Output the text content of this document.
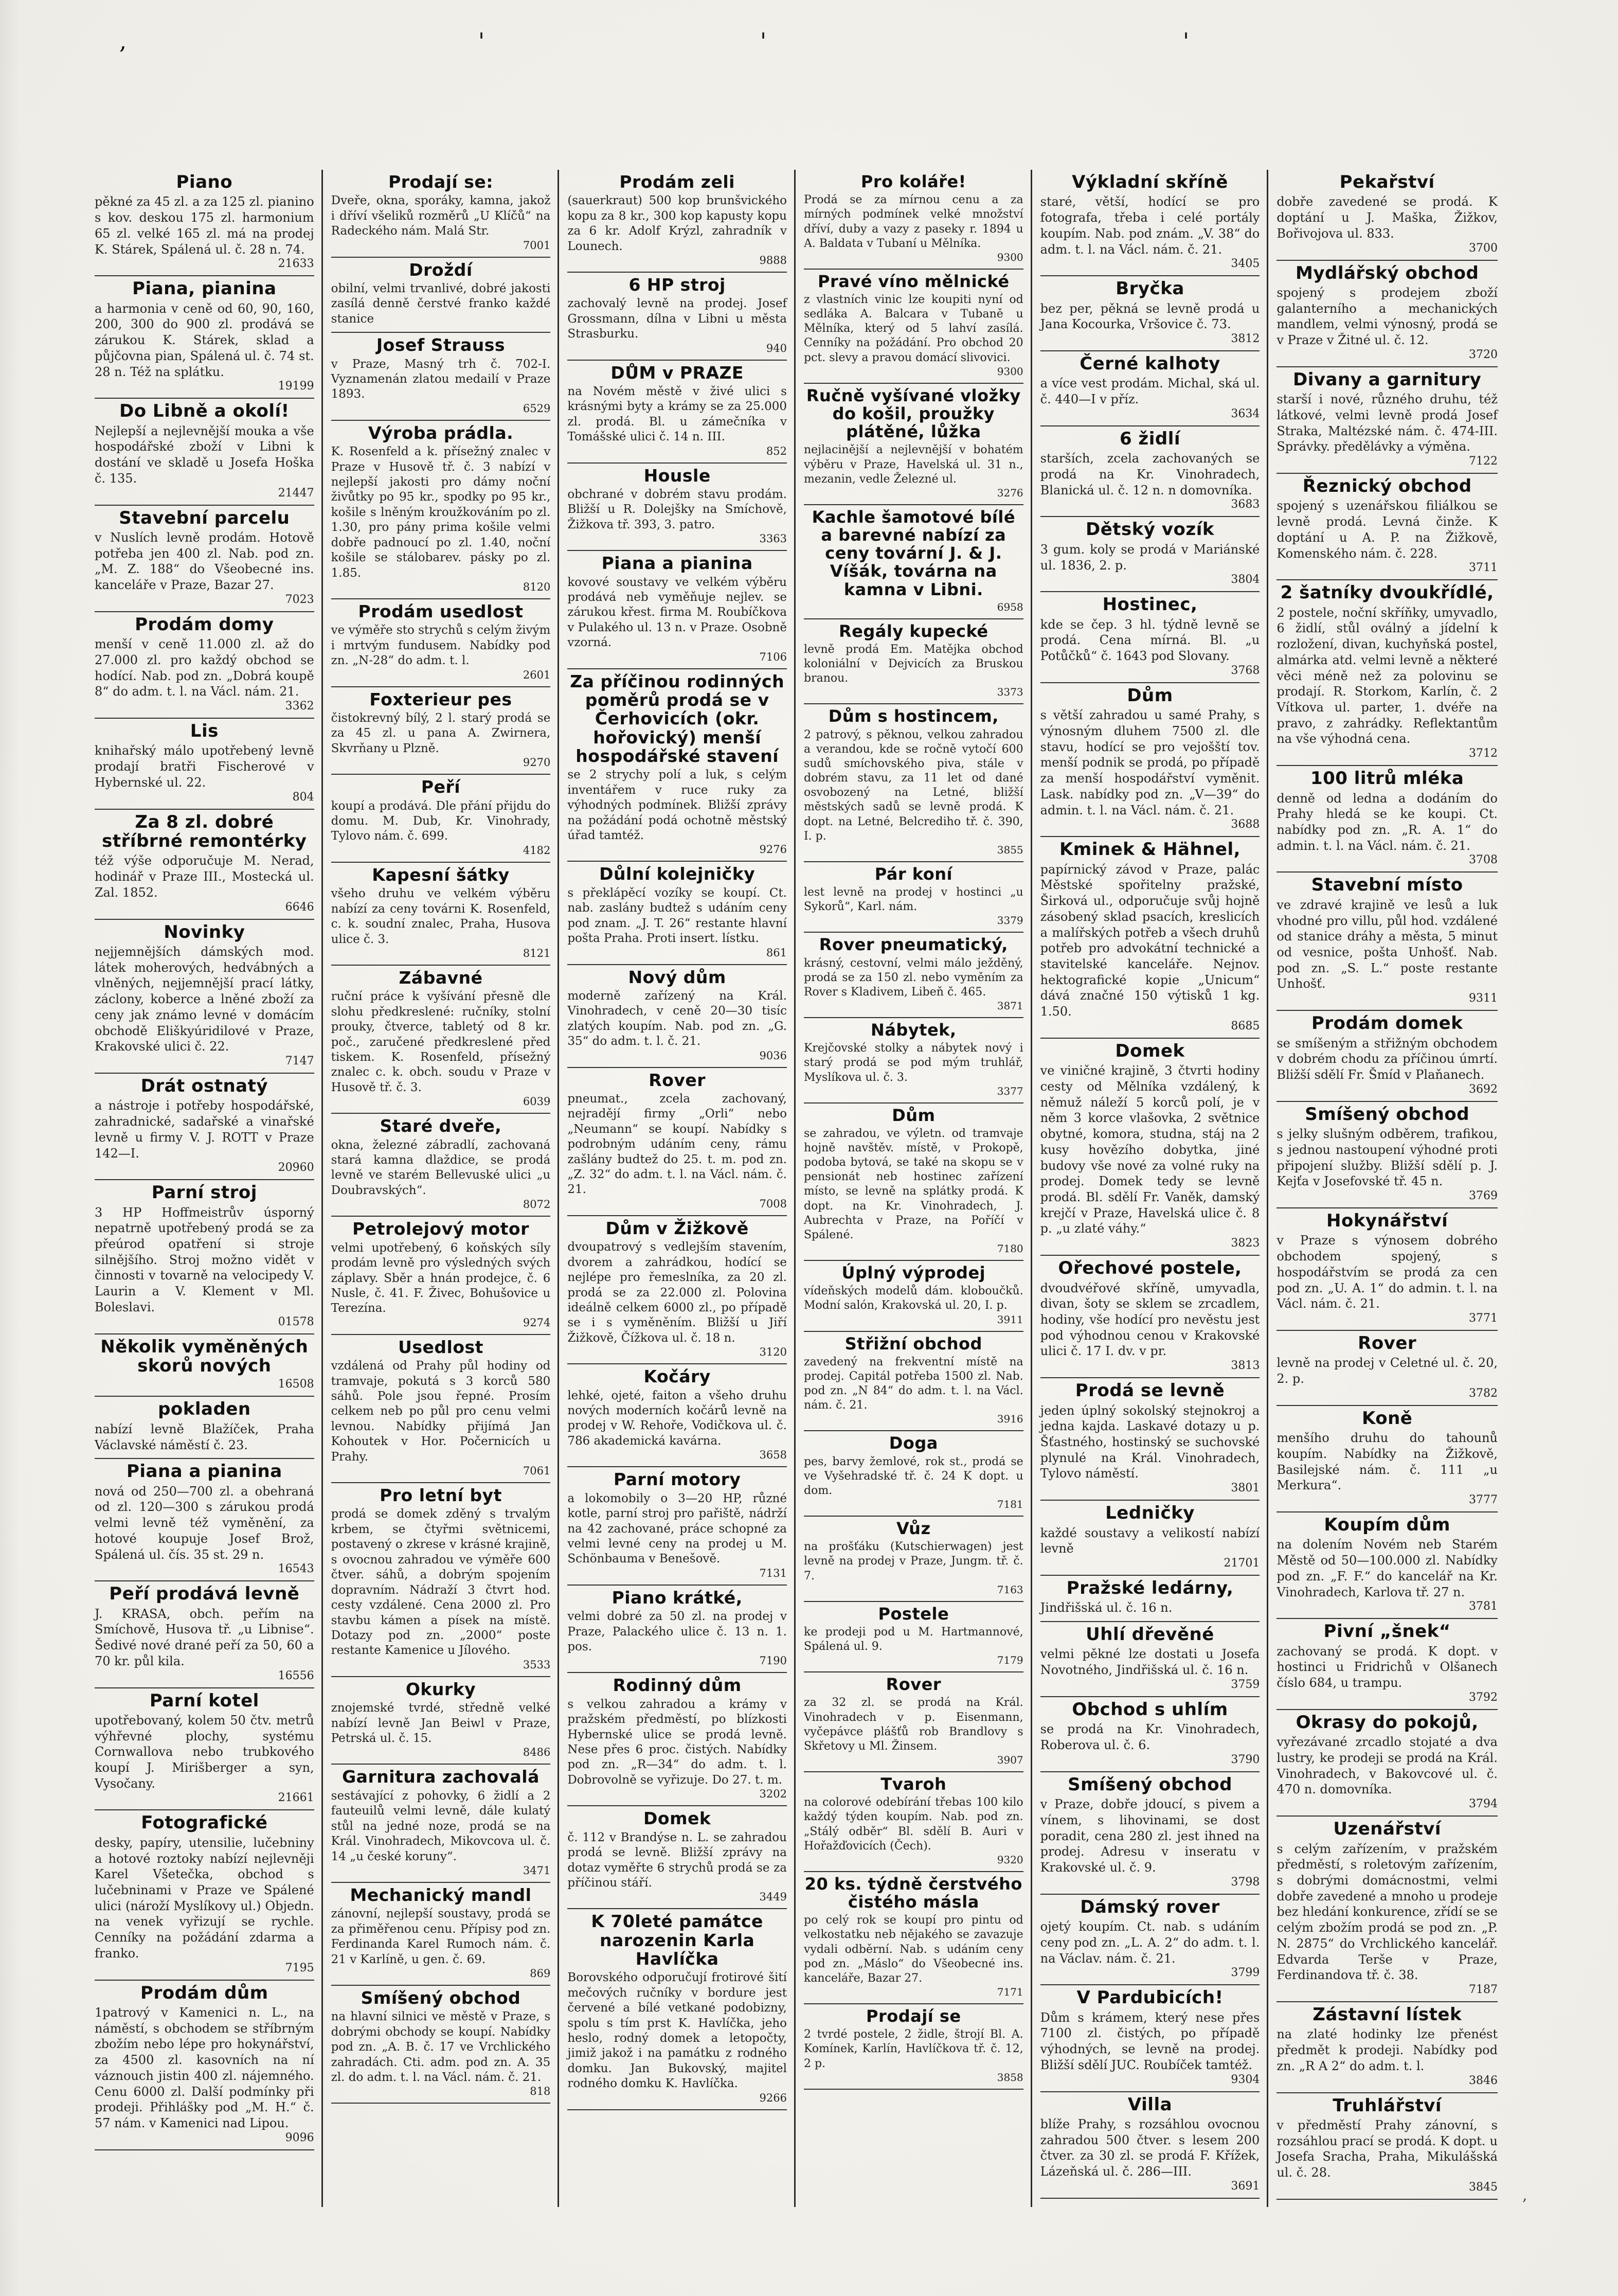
,	'	'	'
Piano

pěkné za 45 zl. a za 125 zl. pianino s kov. deskou 175 zl. harmonium 65 zl. velké 165 zl. má na prodej K. Stárek, Spálená ul. č. 28 n. 74.

21633
Piana, pianina

a harmonia v ceně od 60, 90, 160, 200, 300 do 900 zl. prodává se zárukou K. Stárek, sklad a půjčovna pian, Spálená ul. č. 74 st. 28 n. Též na splátku.

19199
Do Libně a okolí!

Nejlepší a nejlevnější mouka a vše hospodářské zboží v Libni k dostání ve skladě u Josefa Hoška č. 135.

21447
Stavební parcelu

v Nuslích levně prodám. Hotově potřeba jen 400 zl. Nab. pod zn. „M. Z. 188“ do Všeobecné ins. kanceláře v Praze, Bazar 27.

7023
Prodám domy

menší v ceně 11.000 zl. až do 27.000 zl. pro každý obchod se hodící. Nab. pod zn. „Dobrá koupě 8“ do adm. t. l. na Václ. nám. 21.

3362
Lis

knihařský málo upotřebený levně prodají bratři Fischerové v Hybernské ul. 22.

804
Za 8 zl. dobré stříbrné remontérky

též výše odporučuje M. Nerad, hodinář v Praze III., Mostecká ul. Zal. 1852.

6646
Novinky

nejjemnějších dámských mod. látek moherových, hedvábných a vlněných, nejjemnější prací látky, záclony, koberce a lněné zboží za ceny jak známo levné v domácím obchodě Eliškyúridilové v Praze, Krakovské ulici č. 22.

7147
Drát ostnatý

a nástroje i potřeby hospodářské, zahradnické, sadařské a vinařské levně u firmy V. J. ROTT v Praze 142—I.

20960
Parní stroj

3 HP Hoffmeistrův úsporný nepatrně upotřebený prodá se za přeúrod opatření si stroje silnějšího. Stroj možno vidět v činnosti v tovarně na velocipedy V. Laurin a V. Klement v Ml. Boleslavi.

01578
Několik vyměněných skorů nových

16508
pokladen

nabízí levně Blažíček, Praha Václavské náměstí č. 23.

Piana a pianina

nová od 250—700 zl. a obehraná od zl. 120—300 s zárukou prodá velmi levně též vyměnění, za hotové koupuje Josef Brož, Spálená ul. čís. 35 st. 29 n.

16543
Peří prodává levně

J. KRASA, obch. peřím na Smíchově, Husova tř. „u Libnise“. Šedivé nové drané peří za 50, 60 a 70 kr. půl kila.

16556
Parní kotel

upotřebovaný, kolem 50 čtv. metrů výhřevné plochy, systému Cornwallova nebo trubkového koupí J. Mirišberger a syn, Vysočany.

21661
Fotografické

desky, papíry, utensilie, lučebniny a hotové roztoky nabízí nejlevněji Karel Všetečka, obchod s lučebninami v Praze ve Spálené ulici (nároží Myslíkovy ul.) Objedn. na venek vyřizují se rychle. Cenníky na požádání zdarma a franko.

7195
Prodám dům

1patrový v Kamenici n. L., na náměstí, s obchodem se stříbrným zbožím nebo lépe pro hokynářství, za 4500 zl. kasovních na ní váznouch jistin 400 zl. nájemného. Cenu 6000 zl. Další podmínky při prodeji. Přihlášky pod „M. H.“ č. 57 nám. v Kamenici nad Lipou.

9096
Prodají se:

Dveře, okna, sporáky, kamna, jakož i dříví všeliků rozměrů „U Klíčů“ na Radeckého nám. Malá Str.

7001
Droždí

obilní, velmi trvanlivé, dobré jakosti zasílá denně čerstvé franko každé stanice

Josef Strauss

v Praze, Masný trh č. 702-I. Vyznamenán zlatou medailí v Praze 1893.

6529
Výroba prádla.

K. Rosenfeld a k. přísežný znalec v Praze v Husově tř. č. 3 nabízí v nejlepší jakosti pro dámy noční živůtky po 95 kr., spodky po 95 kr., košile s lněným kroužkováním po zl. 1.30, pro pány prima košile velmi dobře padnoucí po zl. 1.40, noční košile se stálobarev. pásky po zl. 1.85.

8120
Prodám usedlost

ve výměře sto strychů s celým živým i mrtvým fundusem. Nabídky pod zn. „N-28“ do adm. t. l.

2601
Foxterieur pes

čistokrevný bílý, 2 l. starý prodá se za 45 zl. u pana A. Zwirnera, Skvrňany u Plzně.

9270
Peří

koupí a prodává. Dle přání přijdu do domu. M. Dub, Kr. Vinohrady, Tylovo nám. č. 699.

4182
Kapesní šátky

všeho druhu ve velkém výběru nabízí za ceny továrni K. Rosenfeld, c. k. soudní znalec, Praha, Husova ulice č. 3.

8121
Zábavné

ruční práce k vyšívání přesně dle slohu předkreslené: ručníky, stolní prouky, čtverce, tabletý od 8 kr. poč., zaručené předkreslené před tiskem. K. Rosenfeld, přísežný znalec c. k. obch. soudu v Praze v Husově tř. č. 3.

6039
Staré dveře,

okna, železné zábradlí, zachovaná stará kamna dlaždice, se prodá levně ve starém Bellevuské ulici „u Doubravských“.

8072
Petrolejový motor

velmi upotřebený, 6 koňských síly prodám levně pro výsledných svých záplavy. Sběr a hnán prodejce, č. 6 Nusle, č. 41. F. Živec, Bohušovice u Terezína.

9274
Usedlost

vzdálená od Prahy půl hodiny od tramvaje, pokutá s 3 korců 580 sáhů. Pole jsou řepné. Prosím celkem neb po půl pro cenu velmi levnou. Nabídky přijímá Jan Kohoutek v Hor. Počernicích u Prahy.

7061
Pro letní byt

prodá se domek zděný s trvalým krbem, se čtyřmi světnicemi, postavený o zkrese v krásné krajině, s ovocnou zahradou ve výměře 600 čtver. sáhů, a dobrým spojením dopravním. Nádraží 3 čtvrt hod. cesty vzdálené. Cena 2000 zl. Pro stavbu kámen a písek na místě. Dotazy pod zn. „2000“ poste restante Kamenice u Jílového.

3533
Okurky

znojemské tvrdé, středně velké nabízí levně Jan Beiwl v Praze, Petrská ul. č. 15.

8486
Garnitura zachovalá

sestávající z pohovky, 6 židlí a 2 fauteuilů velmi levně, dále kulatý stůl na jedné noze, prodá se na Král. Vinohradech, Mikovcova ul. č. 14 „u české koruny“.

3471
Mechanický mandl

zánovní, nejlepší soustavy, prodá se za přiměřenou cenu. Přípisy pod zn. Ferdinanda Karel Rumoch nám. č. 21 v Karlíně, u gen. č. 69.

869
Smíšený obchod

na hlavní silnici ve městě v Praze, s dobrými obchody se koupí. Nabídky pod zn. „A. B. č. 17 ve Vrchlického zahradách. Cti. adm. pod zn. A. 35 zl. do adm. t. l. na Václ. nám. č. 21.

818
Prodám zeli

(sauerkraut) 500 kop brunšvického kopu za 8 kr., 300 kop kapusty kopu za 6 kr. Adolf Krýzl, zahradník v Lounech.

9888
6 HP stroj

zachovalý levně na prodej. Josef Grossmann, dílna v Libni u města Strasburku.

940
DŮM v PRAZE

na Novém městě v živé ulici s krásnými byty a krámy se za 25.000 zl. prodá. Bl. u zámečníka v Tomášské ulici č. 14 n. III.

852
Housle

obchrané v dobrém stavu prodám. Bližší u R. Dolejšky na Smíchově, Žižkova tř. 393, 3. patro.

3363
Piana a pianina

kovové soustavy ve velkém výběru prodává neb vyměňuje nejlev. se zárukou křest. firma M. Roubíčkova v Pulakého ul. 13 n. v Praze. Osobně vzorná.

7106
Za příčinou rodinných poměrů prodá se v Čerhovicích (okr. hořovický) menší hospodářské stavení

se 2 strychy polí a luk, s celým inventářem v ruce ruky za výhodných podmínek. Bližší zprávy na požádání podá ochotně městský úřad tamtéž.

9276
Důlní kolejničky

s překlápěcí vozíky se koupí. Ct. nab. zaslány budtež s udáním ceny pod znam. „J. T. 26“ restante hlavní pošta Praha. Proti insert. lístku.

861
Nový dům

moderně zařízený na Král. Vinohradech, v ceně 20—30 tisíc zlatých koupím. Nab. pod zn. „G. 35“ do adm. t. l. č. 21.

9036
Rover

pneumat., zcela zachovaný, nejradějí firmy „Orli“ nebo „Neumann“ se koupí. Nabídky s podrobným udáním ceny, rámu zašlány budtež do 25. t. m. pod zn. „Z. 32“ do adm. t. l. na Václ. nám. č. 21.

7008
Dům v Žižkově

dvoupatrový s vedlejším stavením, dvorem a zahrádkou, hodící se nejlépe pro řemeslníka, za 20 zl. prodá se za 22.000 zl. Polovina ideálně celkem 6000 zl., po případě se i s vyměněním. Bližší u Jiří Žižkově, Čížkova ul. č. 18 n.

3120
Kočáry

lehké, ojeté, faiton a všeho druhu nových moderních kočárů levně na prodej v W. Rehoře, Vodičkova ul. č. 786 akademická kavárna.

3658
Parní motory

a lokomobily o 3—20 HP, různé kotle, parní stroj pro pařiště, nádrží na 42 zachované, práce schopné za velmi levné ceny na prodej u M. Schönbauma v Benešově.

7131
Piano krátké,

velmi dobré za 50 zl. na prodej v Praze, Palackého ulice č. 13 n. 1. pos.

7190
Rodinný dům

s velkou zahradou a krámy v pražském předměstí, po blízkosti Hybernské ulice se prodá levně. Nese přes 6 proc. čistých. Nabídky pod zn. „R—34“ do adm. t. l. Dobrovolně se vyřizuje. Do 27. t. m.

3202
Domek

č. 112 v Brandýse n. L. se zahradou prodá se levně. Bližší zprávy na dotaz vyměřte 6 strychů prodá se za příčinou stáří.

3449
K 70leté památce narozenin Karla Havlíčka

Borovského odporučují frotirové šití mečových ručníky v bordure jest červené a bílé vetkané podobizny, spolu s tím prst K. Havlíčka, jeho heslo, rodný domek a letopočty, jimiž jakož i na památku z rodného domku. Jan Bukovský, majitel rodného domku K. Havlíčka.

9266
Pro koláře!

Prodá se za mírnou cenu a za mírných podmínek velké množství dříví, duby a vazy z paseky r. 1894 u A. Baldata v Tubaní u Mělníka.

9300
Pravé víno mělnické

z vlastních vinic lze koupiti nyní od sedláka A. Balcara v Tubaně u Mělníka, který od 5 lahví zasílá. Cenníky na požádání. Pro obchod 20 pct. slevy a pravou domácí slivovici.

9300
Ručně vyšívané vložky do košil, proužky plátěné, lůžka

nejlacinější a nejlevnější v bohatém výběru v Praze, Havelská ul. 31 n., mezanin, vedle Železné ul.

3276
Kachle šamotové bílé a barevné nabízí za ceny tovární J. & J. Víšák, továrna na kamna v Libni.

6958
Regály kupecké

levně prodá Em. Matějka obchod koloniální v Dejvicích za Bruskou branou.

3373
Dům s hostincem,

2 patrový, s pěknou, velkou zahradou a verandou, kde se ročně vytočí 600 sudů smíchovského piva, stále v dobrém stavu, za 11 let od dané osvobozený na Letné, bližší městských sadů se levně prodá. K dopt. na Letné, Belcrediho tř. č. 390, I. p.

3855
Pár koní

lest levně na prodej v hostinci „u Sykorů“, Karl. nám.

3379
Rover pneumatický,

krásný, cestovní, velmi málo ježděný, prodá se za 150 zl. nebo vyměním za Rover s Kladivem, Libeň č. 465.

3871
Nábytek,

Krejčovské stolky a nábytek nový i starý prodá se pod mým truhlář, Myslíkova ul. č. 3.

3377
Dům

se zahradou, ve výletn. od tramvaje hojně navštěv. místě, v Prokopě, podoba bytová, se také na skopu se v pensionát neb hostinec zařízení místo, se levně na splátky prodá. K dopt. na Kr. Vinohradech, J. Aubrechta v Praze, na Poříčí v Spálené.

7180
Úplný výprodej

vídeňských modelů dám. kloboučků. Modní salón, Krakovská ul. 20, I. p.

3911
Střižní obchod

zavedený na frekventní místě na prodej. Capitál potřeba 1500 zl. Nab. pod zn. „N 84“ do adm. t. l. na Václ. nám. č. 21.

3916
Doga

pes, barvy žemlové, rok st., prodá se ve Vyšehradské tř. č. 24 K dopt. u dom.

7181
Vůz

na prošťáku (Kutschierwagen) jest levně na prodej v Praze, Jungm. tř. č. 7.

7163
Postele

ke prodeji pod u M. Hartmannové, Spálená ul. 9.

7179
Rover

za 32 zl. se prodá na Král. Vinohradech v p. Eisenmann, vyčepávce plášťů rob Brandlovy s Skřetovy u Ml. Žinsem.

3907
Tvaroh

na colorové odebírání třebas 100 kilo každý týden koupím. Nab. pod zn. „Stálý odběr“ Bl. sdělí B. Auri v Hořažďovicích (Čech).

9320
20 ks. týdně čerstvého čistého másla

po celý rok se koupí pro pintu od velkostatku neb nějakého se zavazuje vydali odběrní. Nab. s udáním ceny pod zn. „Máslo“ do Všeobecné ins. kanceláře, Bazar 27.

7171
Prodají se

2 tvrdé postele, 2 židle, štrojí Bl. A. Komínek, Karlín, Havlíčkova tř. č. 12, 2 p.

3858
Výkladní skříně

staré, větší, hodící se pro fotografa, třeba i celé portály koupím. Nab. pod znám. „V. 38“ do adm. t. l. na Václ. nám. č. 21.

3405
Bryčka

bez per, pěkná se levně prodá u Jana Kocourka, Vršovice č. 73.

3812
Černé kalhoty

a více vest prodám. Michal, ská ul. č. 440—I v příz.

3634
6 židlí

starších, zcela zachovaných se prodá na Kr. Vinohradech, Blanická ul. č. 12 n. n domovníka.

3683
Dětský vozík

3 gum. koly se prodá v Mariánské ul. 1836, 2. p.

3804
Hostinec,

kde se čep. 3 hl. týdně levně se prodá. Cena mírná. Bl. „u Potůčků“ č. 1643 pod Slovany.

3768
Dům

s větší zahradou u samé Prahy, s výnosným dluhem 7500 zl. dle stavu, hodící se pro vejošští tov. menší podnik se prodá, po případě za menší hospodářství vyměnit. Lask. nabídky pod zn. „V—39“ do admin. t. l. na Václ. nám. č. 21.

3688
Kminek & Hähnel,

papírnický závod v Praze, palác Městské spořitelny pražské, Širková ul., odporučuje svůj hojně zásobený sklad psacích, kreslicích a malířských potřeb a všech druhů potřeb pro advokátní technické a stavitelské kanceláře. Nejnov. hektografické kopie „Unicum“ dává značné 150 výtisků 1 kg. 1.50.

8685
Domek

ve viničné krajině, 3 čtvrti hodiny cesty od Mělníka vzdálený, k němuž náleží 5 korců polí, je v něm 3 korce vlašovka, 2 světnice obytné, komora, studna, stáj na 2 kusy hovězího dobytka, jiné budovy vše nové za volné ruky na prodej. Domek tedy se levně prodá. Bl. sdělí Fr. Vaněk, damský krejčí v Praze, Havelská ulice č. 8 p. „u zlaté váhy.“

3823
Ořechové postele,

dvoudvéřové skříně, umyvadla, divan, šoty se sklem se zrcadlem, hodiny, vše hodící pro nevěstu jest pod výhodnou cenou v Krakovské ulici č. 17 I. dv. v pr.

3813
Prodá se levně

jeden úplný sokolský stejnokroj a jedna kajda. Laskavé dotazy u p. Šťastného, hostinský se suchovské plynulé na Král. Vinohradech, Tylovo náměstí.

3801
Ledničky

každé soustavy a velikostí nabízí levně

21701
Pražské ledárny,

Jindřišská ul. č. 16 n.

Uhlí dřevěné

velmi pěkné lze dostati u Josefa Novotného, Jindřišská ul. č. 16 n.

3759
Obchod s uhlím

se prodá na Kr. Vinohradech, Roberova ul. č. 6.

3790
Smíšený obchod

v Praze, dobře jdoucí, s pivem a vínem, s lihovinami, se dost poradit, cena 280 zl. jest ihned na prodej. Adresu v inseratu v Krakovské ul. č. 9.

3798
Dámský rover

ojetý koupím. Ct. nab. s udáním ceny pod zn. „L. A. 2“ do adm. t. l. na Václav. nám. č. 21.

3799
V Pardubicích!

Dům s krámem, který nese přes 7100 zl. čistých, po případě výhodných, se levně na prodej. Bližší sdělí JUC. Roubíček tamtéž.

9304
Villa

blíže Prahy, s rozsáhlou ovocnou zahradou 500 čtver. s lesem 200 čtver. za 30 zl. se prodá F. Křížek, Lázeňská ul. č. 286—III.

3691
Pekařství

dobře zavedené se prodá. K doptání u J. Maška, Žižkov, Bořivojova ul. 833.

3700
Mydlářský obchod

spojený s prodejem zboží galanterního a mechanických mandlem, velmi výnosný, prodá se v Praze v Žitné ul. č. 12.

3720
Divany a garnitury

starší i nové, různého druhu, též látkové, velmi levně prodá Josef Straka, Maltézské nám. č. 474-III. Správky. předělávky a výměna.

7122
Řeznický obchod

spojený s uzenářskou filiálkou se levně prodá. Levná činže. K doptání u A. P. na Žižkově, Komenského nám. č. 228.

3711
2 šatníky dvoukřídlé,

2 postele, noční skříňky, umyvadlo, 6 židlí, stůl oválný a jídelní k rozložení, divan, kuchyňská postel, almárka atd. velmi levně a některé věci méně než za polovinu se prodají. R. Storkom, Karlín, č. 2 Vítkova ul. parter, 1. dvéře na pravo, z zahrádky. Reflektantům na vše výhodná cena.

3712
100 litrů mléka

denně od ledna a dodáním do Prahy hledá se ke koupi. Ct. nabídky pod zn. „R. A. 1“ do admin. t. l. na Václ. nám. č. 21.

3708
Stavební místo

ve zdravé krajině ve lesů a luk vhodné pro villu, půl hod. vzdálené od stanice dráhy a města, 5 minut od vesnice, pošta Unhošť. Nab. pod zn. „S. L.“ poste restante Unhošť.

9311
Prodám domek

se smíšeným a střižným obchodem v dobrém chodu za příčinou úmrtí. Bližší sdělí Fr. Šmíd v Plaňanech.

3692
Smíšený obchod

s jelky slušným odběrem, trafikou, s jednou nastoupení výhodné proti připojení služby. Bližší sdělí p. J. Kejťa v Josefovské tř. 45 n.

3769
Hokynářství

v Praze s výnosem dobrého obchodem spojený, s hospodářstvím se prodá za cen pod zn. „U. A. 1“ do admin. t. l. na Václ. nám. č. 21.

3771
Rover

levně na prodej v Celetné ul. č. 20, 2. p.

3782
Koně

menšího druhu do tahounů koupím. Nabídky na Žižkově, Basilejské nám. č. 111 „u Merkura“.

3777
Koupím dům

na dolením Novém neb Starém Městě od 50—100.000 zl. Nabídky pod zn. „F. F.“ do kancelář na Kr. Vinohradech, Karlova tř. 27 n.

3781
Pivní „šnek“

zachovaný se prodá. K dopt. v hostinci u Fridrichů v Olšanech číslo 684, u trampu.

3792
Okrasy do pokojů,

vyřezávané zrcadlo stojaté a dva lustry, ke prodeji se prodá na Král. Vinohradech, v Bakovcové ul. č. 470 n. domovníka.

3794
Uzenářství

s celým zařízením, v pražském předměstí, s roletovým zařízením, s dobrými domácnostmi, velmi dobře zavedené a mnoho u prodeje bez hledání konkurence, zřídí se se celým zbožím prodá se pod zn. „P. N. 2875“ do Vrchlického kancelář. Edvarda Terše v Praze, Ferdinandova tř. č. 38.

7187
Zástavní lístek

na zlaté hodinky lze přenést předmět k prodeji. Nabídky pod zn. „R A 2“ do adm. t. l.

3846
Truhlářství

v předměstí Prahy zánovní, s rozsáhlou prací se prodá. K dopt. u Josefa Sracha, Praha, Mikulášská ul. č. 28.

3845 ,
